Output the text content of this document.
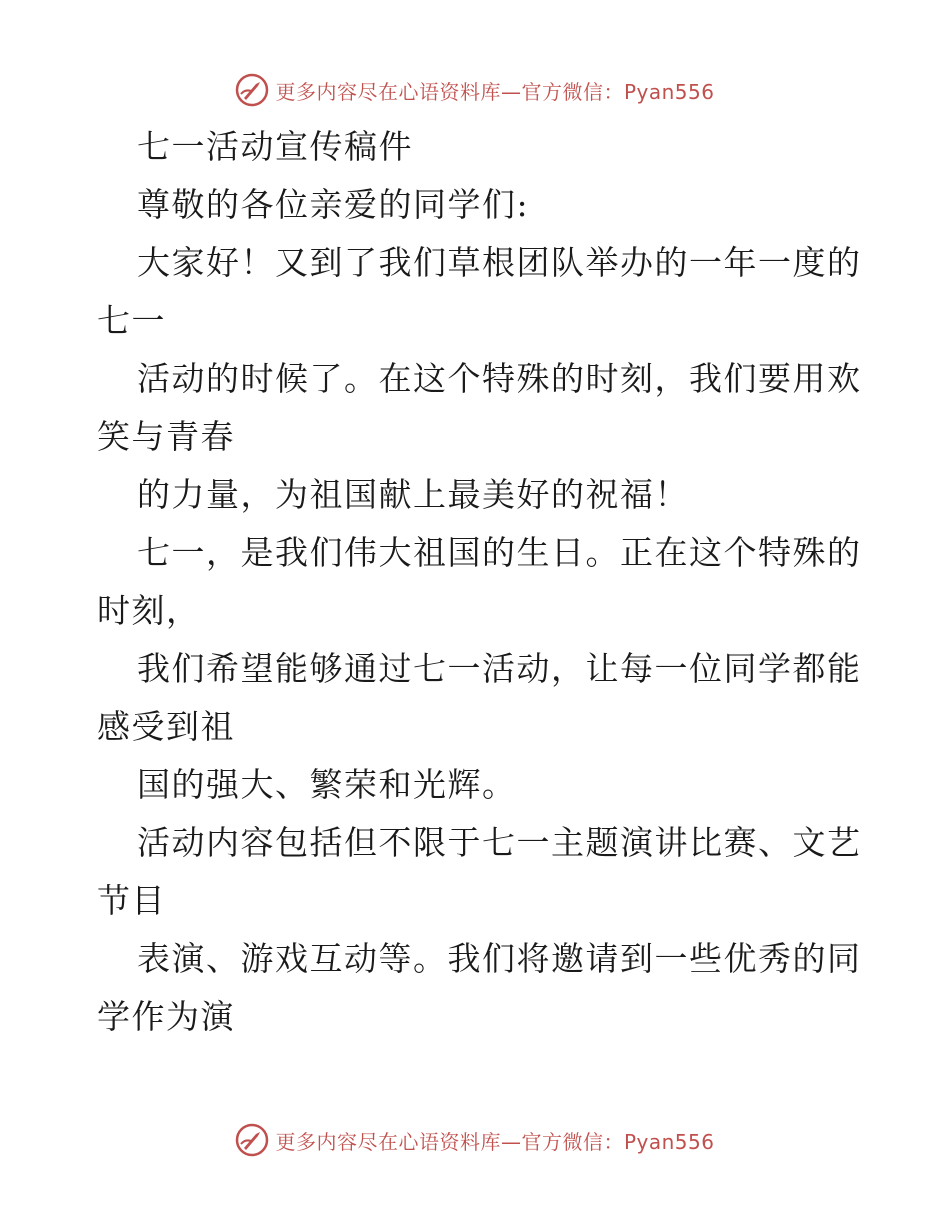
更多内容尽在心语资料库—官方微信：Pyan556
七一活动宣传稿件
尊敬的各位亲爱的同学们:
大家好！又到了我们草根团队举办的一年一度的
七一
活动的时候了。在这个特殊的时刻，我们要用欢
笑与青春
的力量，为祖国献上最美好的祝福！
七一，是我们伟大祖国的生日。正在这个特殊的
时刻，
我们希望能够通过七一活动，让每一位同学都能
感受到祖
国的强大、繁荣和光辉。
活动内容包括但不限于七一主题演讲比赛、文艺
节目
表演、游戏互动等。我们将邀请到一些优秀的同
学作为演
更多内容尽在心语资料库—官方微信：Pyan556
